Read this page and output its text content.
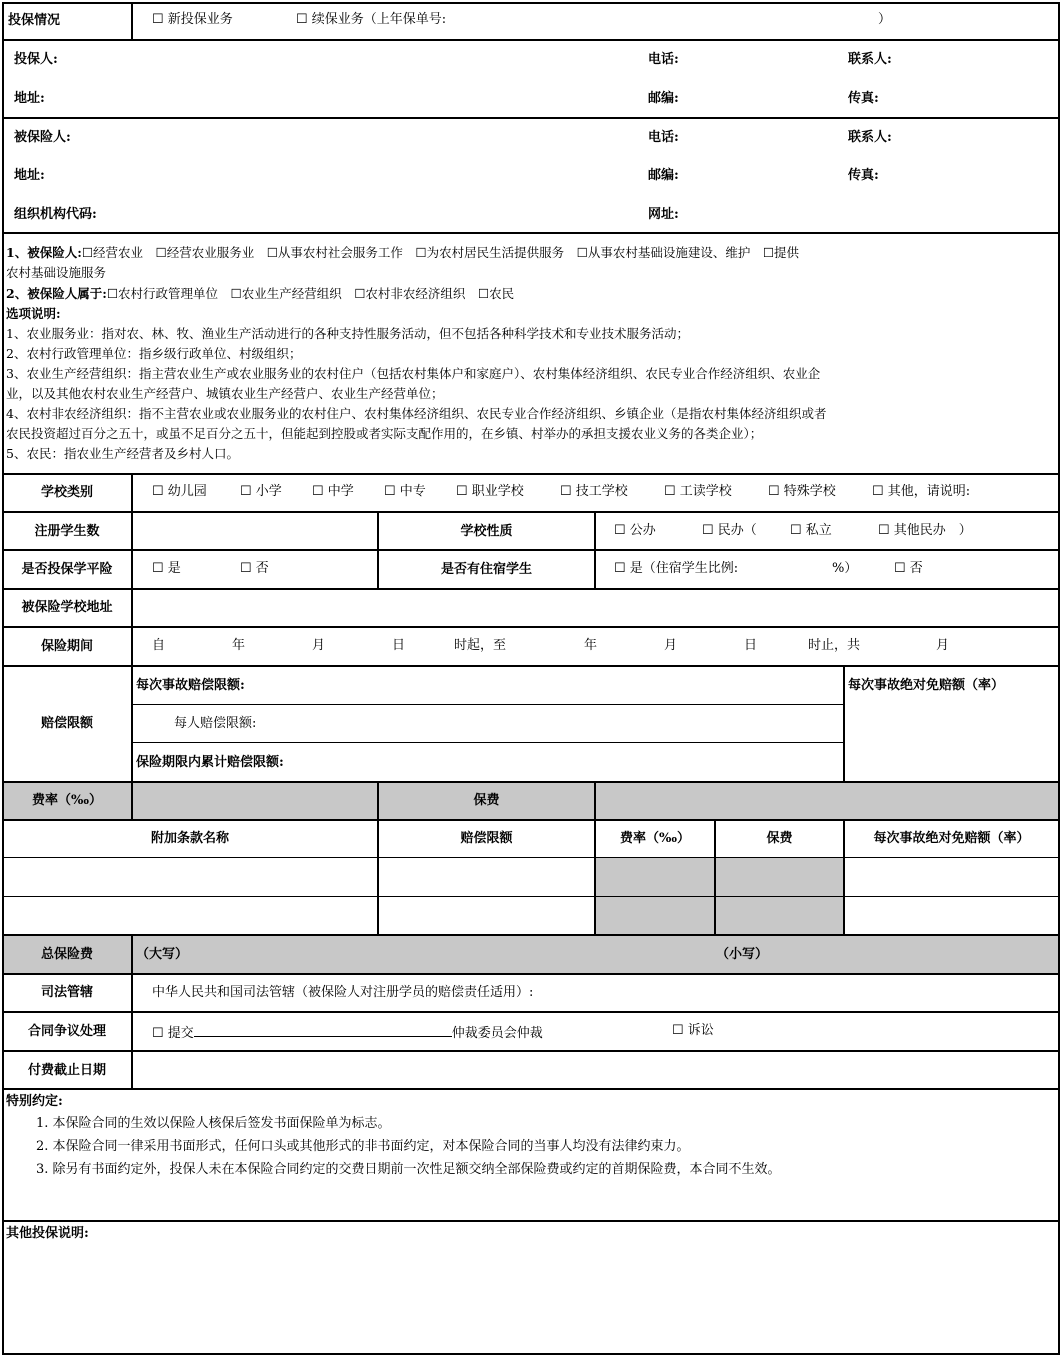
投保情况	☐ 新投保业务	☐ 续保业务（上年保单号:	）
投保人:	电话:	联系人:
地址:	邮编:	传真:
被保险人:	电话:	联系人:
地址:	邮编:	传真:
组织机构代码:	网址:
1、被保险人:☐经营农业　☐经营农业服务业　☐从事农村社会服务工作　☐为农村居民生活提供服务　☐从事农村基础设施建设、维护　☐提供
农村基础设施服务
2、被保险人属于:☐农村行政管理单位　☐农业生产经营组织　☐农村非农经济组织　☐农民
选项说明:
1、农业服务业：指对农、林、牧、渔业生产活动进行的各种支持性服务活动，但不包括各种科学技术和专业技术服务活动；
2、农村行政管理单位：指乡级行政单位、村级组织；
3、农业生产经营组织：指主营农业生产或农业服务业的农村住户（包括农村集体户和家庭户）、农村集体经济组织、农民专业合作经济组织、农业企
业，以及其他农村农业生产经营户、城镇农业生产经营户、农业生产经营单位；
4、农村非农经济组织：指不主营农业或农业服务业的农村住户、农村集体经济组织、农民专业合作经济组织、乡镇企业（是指农村集体经济组织或者
农民投资超过百分之五十，或虽不足百分之五十，但能起到控股或者实际支配作用的，在乡镇、村举办的承担支援农业义务的各类企业）；
5、农民：指农业生产经营者及乡村人口。
学校类别	☐ 幼儿园	☐ 小学 ☐ 中学 ☐ 中专 ☐ 职业学校	☐ 技工学校	☐ 工读学校	☐ 特殊学校	☐ 其他，请说明:
注册学生数	学校性质	☐ 公办	☐ 民办（	☐ 私立	☐ 其他民办　）
是否投保学平险	☐ 是	☐ 否	是否有住宿学生	☐ 是（住宿学生比例:	%）	☐ 否
被保险学校地址
保险期间	自	年	月	日	时起，至	年	月	日	时止，共	月
赔偿限额
每次事故赔偿限额:
每人赔偿限额:
保险期限内累计赔偿限额:
每次事故绝对免赔额（率）
费率（‰）	保费
附加条款名称	赔偿限额	费率（‰）	保费	每次事故绝对免赔额（率）
总保险费	（大写）	（小写）
司法管辖	中华人民共和国司法管辖（被保险人对注册学员的赔偿责任适用）:
合同争议处理	☐ 提交	仲裁委员会仲裁	☐ 诉讼
付费截止日期
特别约定:
1. 本保险合同的生效以保险人核保后签发书面保险单为标志。
2. 本保险合同一律采用书面形式，任何口头或其他形式的非书面约定，对本保险合同的当事人均没有法律约束力。
3. 除另有书面约定外，投保人未在本保险合同约定的交费日期前一次性足额交纳全部保险费或约定的首期保险费，本合同不生效。
其他投保说明:
